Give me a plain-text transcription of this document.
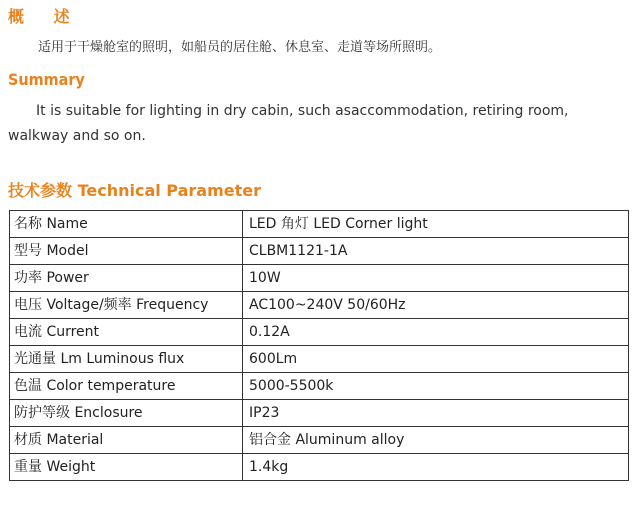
概 述

适用于干燥舱室的照明，如船员的居住舱、休息室、走道等场所照明。

Summary

It is suitable for lighting in dry cabin, such asaccommodation, retiring room, walkway and so on.

技术参数 Technical Parameter
名称 Name	LED 角灯 LED Corner light
型号 Model	CLBM1121-1A
功率 Power	10W
电压 Voltage/频率 Frequency	AC100~240V 50/60Hz
电流 Current	0.12A
光通量 Lm Luminous flux	600Lm
色温 Color temperature	5000-5500k
防护等级 Enclosure	IP23
材质 Material	铝合金 Aluminum alloy
重量 Weight	1.4kg
